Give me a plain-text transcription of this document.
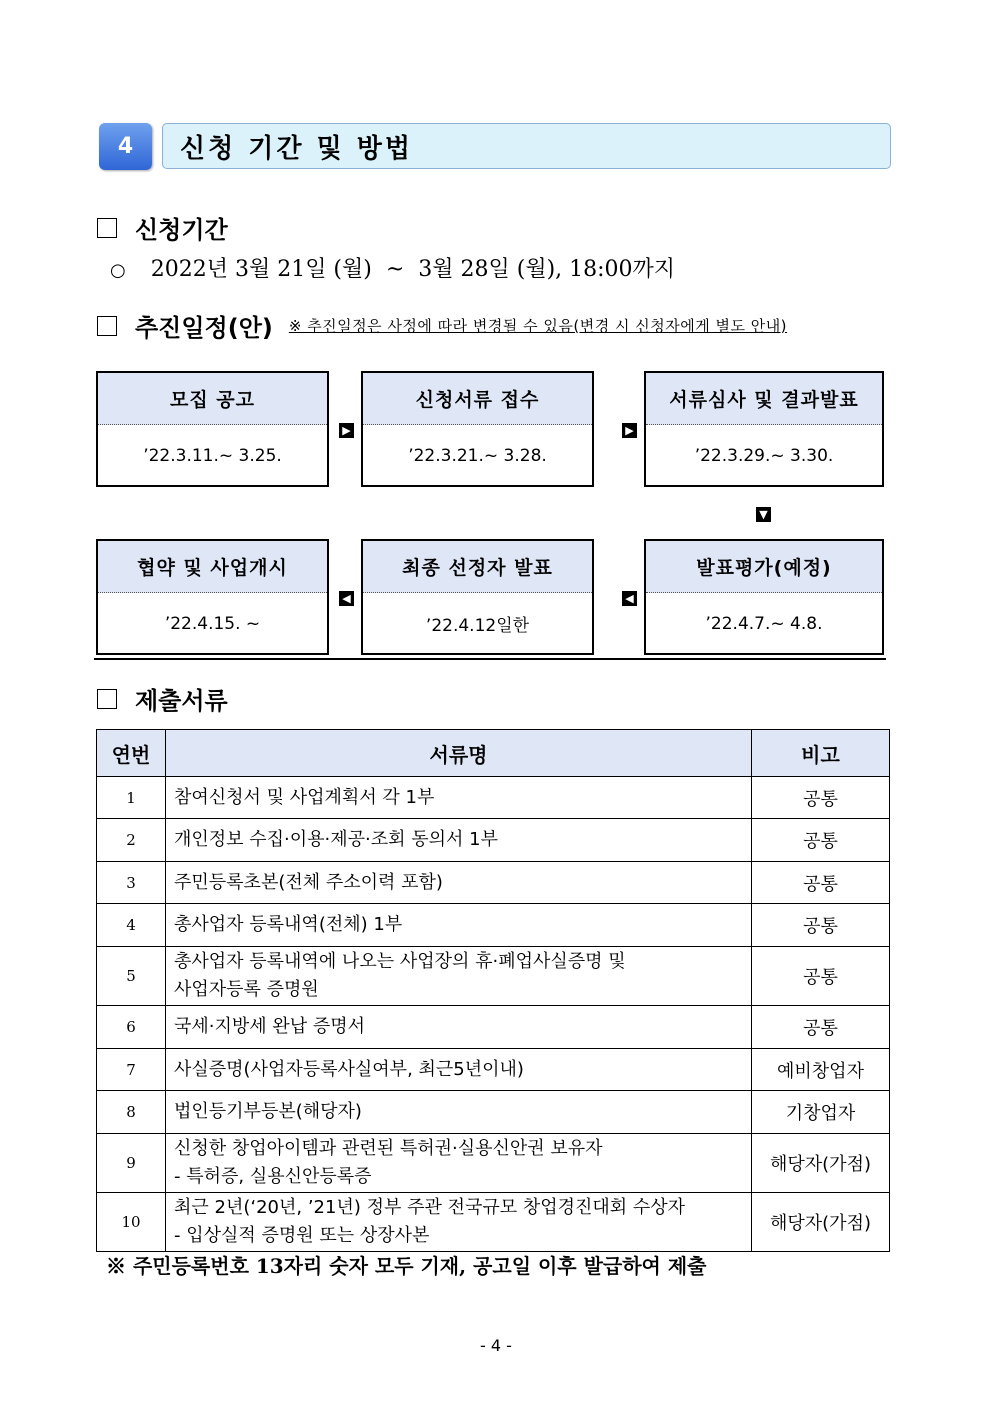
4	신청 기간 및 방법
신청기간
○ 2022년 3월 21일 (월)  ~  3월 28일 (월), 18:00까지
추진일정(안) ※ 추진일정은 사정에 따라 변경될 수 있음(변경 시 신청자에게 별도 안내)
모집 공고
’22.3.11.~ 3.25.
▶
신청서류 접수
’22.3.21.~ 3.28.
▶
서류심사 및 결과발표
’22.3.29.~ 3.30.
▼
협약 및 사업개시
’22.4.15. ~
◀
최종 선정자 발표
’22.4.12일한
◀
발표평가(예정)
’22.4.7.~ 4.8.
제출서류
연번	서류명	비고
1	참여신청서 및 사업계획서 각 1부	공통
2	개인정보 수집·이용·제공·조회 동의서 1부	공통
3	주민등록초본(전체 주소이력 포함)	공통
4	총사업자 등록내역(전체) 1부	공통
5	총사업자 등록내역에 나오는 사업장의 휴·폐업사실증명 및
사업자등록 증명원	공통
6	국세·지방세 완납 증명서	공통
7	사실증명(사업자등록사실여부, 최근5년이내)	예비창업자
8	법인등기부등본(해당자)	기창업자
9	신청한 창업아이템과 관련된 특허권·실용신안권 보유자
- 특허증, 실용신안등록증	해당자(가점)
10	최근 2년(‘20년, ’21년) 정부 주관 전국규모 창업경진대회 수상자
- 입상실적 증명원 또는 상장사본	해당자(가점)
※ 주민등록번호 13자리 숫자 모두 기재, 공고일 이후 발급하여 제출
- 4 -
